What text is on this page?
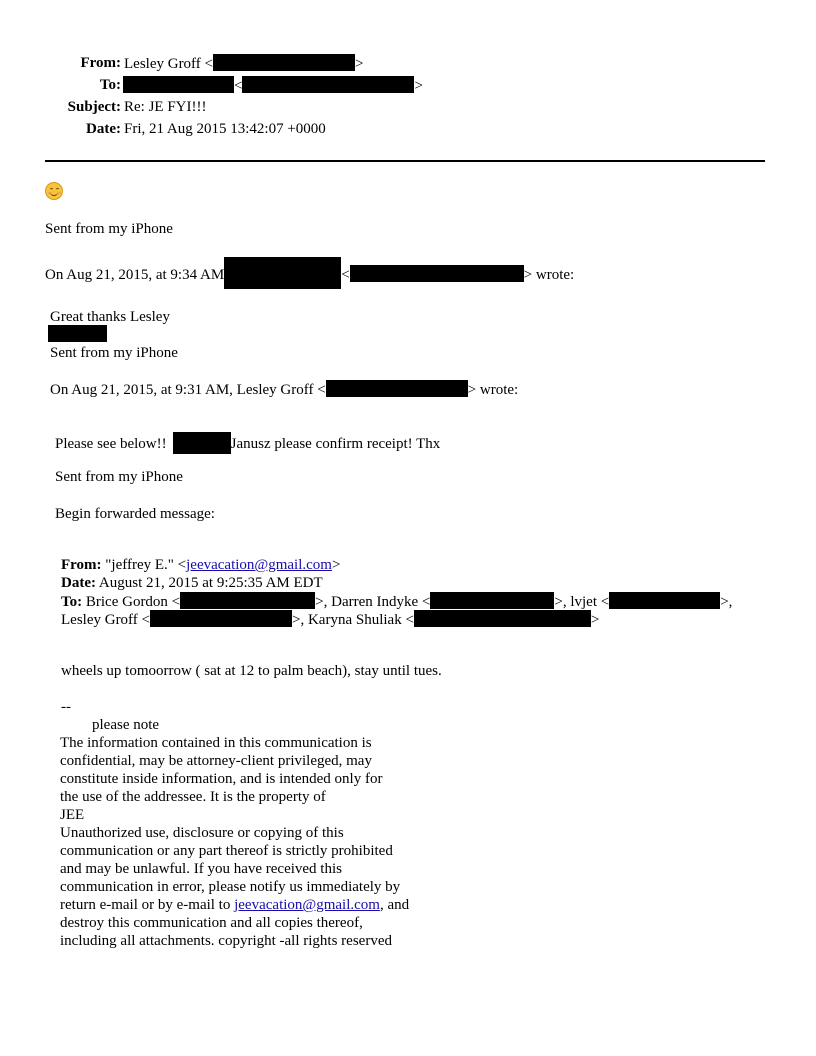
From: Lesley Groff <	>
To:	<	>
Subject: Re: JE FYI!!!
Date: Fri, 21 Aug 2015 13:42:07 +0000
Sent from my iPhone
On Aug 21, 2015, at 9:34 AM	<	> wrote:
Great thanks Lesley
Sent from my iPhone
On Aug 21, 2015, at 9:31 AM, Lesley Groff <	> wrote:
Please see below!!	Janusz please confirm receipt! Thx
Sent from my iPhone
Begin forwarded message:
From: "jeffrey E." <jeevacation@gmail.com>
Date: August 21, 2015 at 9:25:35 AM EDT
To: Brice Gordon <	>, Darren Indyke <	>, lvjet <	>,
Lesley Groff <	>, Karyna Shuliak <	>
wheels up tomoorrow ( sat at 12 to palm beach), stay until tues.
--
please note
The information contained in this communication is
confidential, may be attorney-client privileged, may
constitute inside information, and is intended only for
the use of the addressee. It is the property of
JEE
Unauthorized use, disclosure or copying of this
communication or any part thereof is strictly prohibited
and may be unlawful. If you have received this
communication in error, please notify us immediately by
return e-mail or by e-mail to jeevacation@gmail.com, and
destroy this communication and all copies thereof,
including all attachments. copyright -all rights reserved
